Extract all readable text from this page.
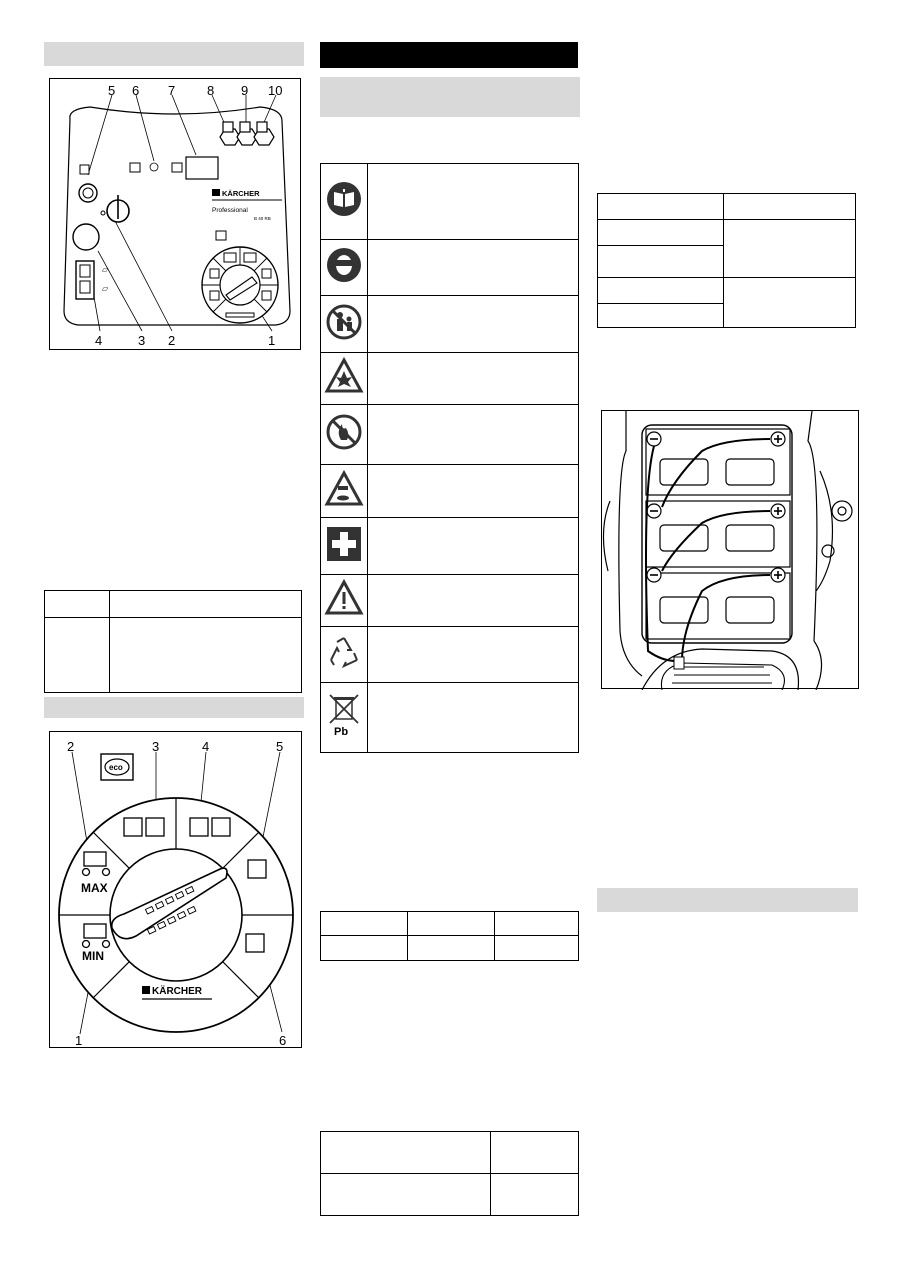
▱
▱
KÄRCHER
Professional
B 40 RB
5 6 7 8 9 10
4	3 2	1

eco
MAX
MIN
KÄRCHER
2	3	4	5
1	6

Pb	
